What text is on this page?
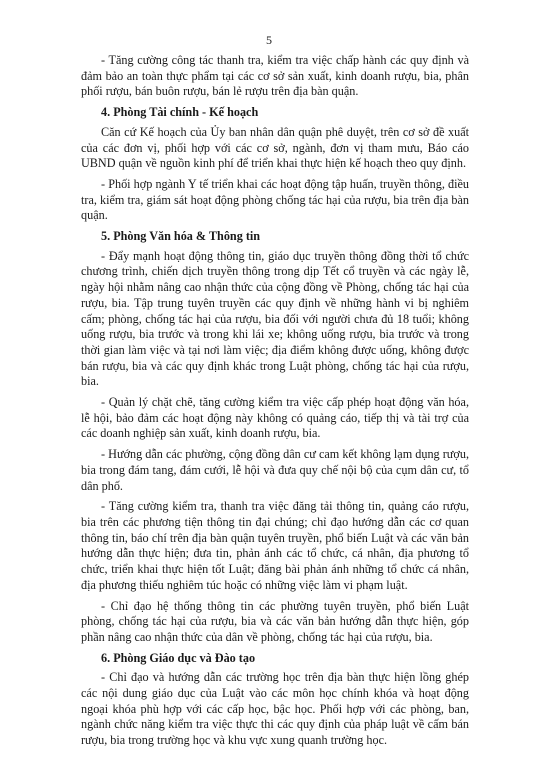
5

- Tăng cường công tác thanh tra, kiểm tra việc chấp hành các quy định và đảm bảo an toàn thực phẩm tại các cơ sở sản xuất, kinh doanh rượu, bia, phân phối rượu, bán buôn rượu, bán lẻ rượu trên địa bàn quận.

4. Phòng Tài chính - Kế hoạch

Căn cứ Kế hoạch của Ủy ban nhân dân quận phê duyệt, trên cơ sở đề xuất của các đơn vị, phối hợp với các cơ sở, ngành, đơn vị tham mưu, Báo cáo UBND quận về nguồn kinh phí để triển khai thực hiện kế hoạch theo quy định.

- Phối hợp ngành Y tế triển khai các hoạt động tập huấn, truyền thông, điều tra, kiểm tra, giám sát hoạt động phòng chống tác hại của rượu, bia trên địa bàn quận.

5. Phòng Văn hóa & Thông tin

- Đẩy mạnh hoạt động thông tin, giáo dục truyền thông đồng thời tổ chức chương trình, chiến dịch truyền thông trong dịp Tết cổ truyền và các ngày lễ, ngày hội nhằm nâng cao nhận thức của cộng đồng về Phòng, chống tác hại của rượu, bia. Tập trung tuyên truyền các quy định về những hành vi bị nghiêm cấm; phòng, chống tác hại của rượu, bia đối với người chưa đủ 18 tuổi; không uống rượu, bia trước và trong khi lái xe; không uống rượu, bia trước và trong thời gian làm việc và tại nơi làm việc; địa điểm không được uống, không được bán rượu, bia và các quy định khác trong Luật phòng, chống tác hại của rượu, bia.

- Quản lý chặt chẽ, tăng cường kiểm tra việc cấp phép hoạt động văn hóa, lễ hội, bảo đảm các hoạt động này không có quảng cáo, tiếp thị và tài trợ của các doanh nghiệp sản xuất, kinh doanh rượu, bia.

- Hướng dẫn các phường, cộng đồng dân cư cam kết không lạm dụng rượu, bia trong đám tang, đám cưới, lễ hội và đưa quy chế nội bộ của cụm dân cư, tổ dân phố.

- Tăng cường kiểm tra, thanh tra việc đăng tải thông tin, quảng cáo rượu, bia trên các phương tiện thông tin đại chúng; chỉ đạo hướng dẫn các cơ quan thông tin, báo chí trên địa bàn quận tuyên truyền, phổ biến Luật và các văn bản hướng dẫn thực hiện; đưa tin, phản ánh các tổ chức, cá nhân, địa phương tổ chức, triển khai thực hiện tốt Luật; đăng bài phản ánh những tổ chức cá nhân, địa phương thiếu nghiêm túc hoặc có những việc làm vi phạm luật.

- Chỉ đạo hệ thống thông tin các phường tuyên truyền, phổ biến Luật phòng, chống tác hại của rượu, bia và các văn bản hướng dẫn thực hiện, góp phần nâng cao nhận thức của dân về phòng, chống tác hại của rượu, bia.

6. Phòng Giáo dục và Đào tạo

- Chỉ đạo và hướng dẫn các trường học trên địa bàn thực hiện lồng ghép các nội dung giáo dục của Luật vào các môn học chính khóa và hoạt động ngoại khóa phù hợp với các cấp học, bậc học. Phối hợp với các phòng, ban, ngành chức năng kiểm tra việc thực thi các quy định của pháp luật về cấm bán rượu, bia trong trường học và khu vực xung quanh trường học.
